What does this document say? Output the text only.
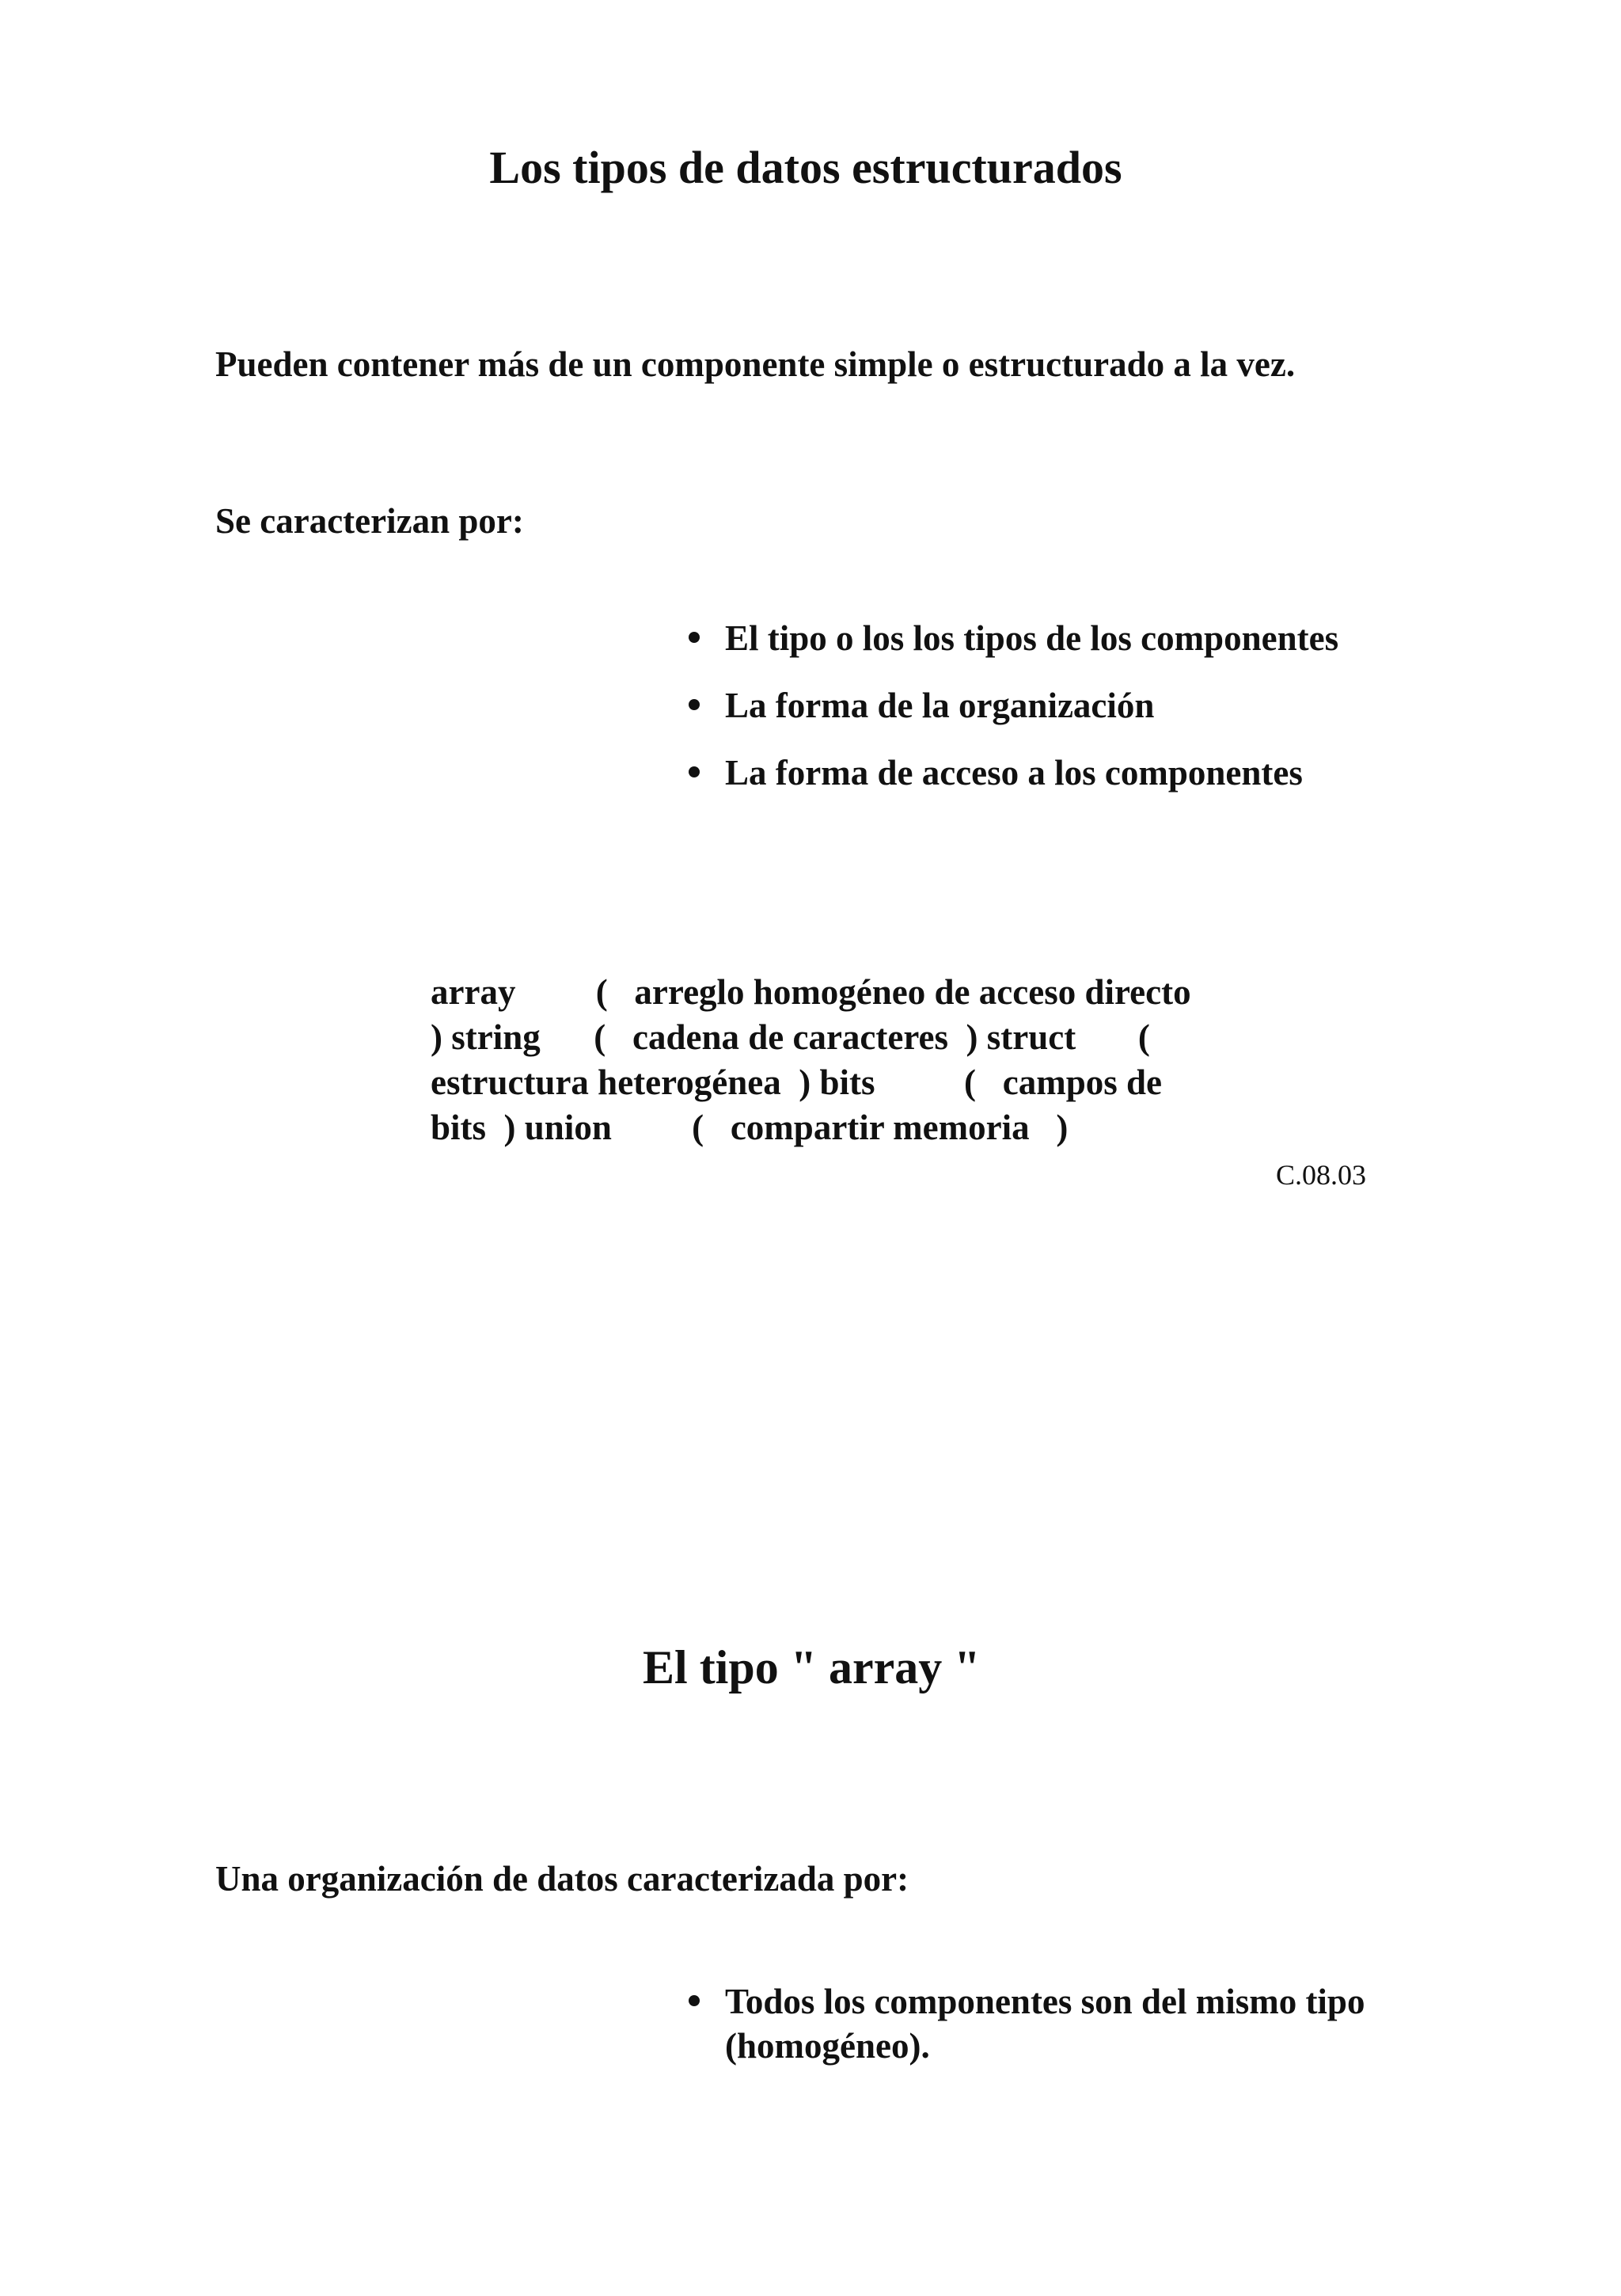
Los tipos de datos estructurados

Pueden contener más de un componente simple o estructurado a la vez.

Se caracterizan por:

El tipo o los los tipos de los componentes
La forma de la organización
La forma de acceso a los componentes
array         (   arreglo homogéneo de acceso directo
) string      (   cadena de caracteres  ) struct       (
estructura heterogénea  ) bits          (   campos de
bits  ) union         (   compartir memoria   )
C.08.03
El tipo " array "

Una organización de datos caracterizada por:

Todos los componentes son del mismo tipo (homogéneo).
